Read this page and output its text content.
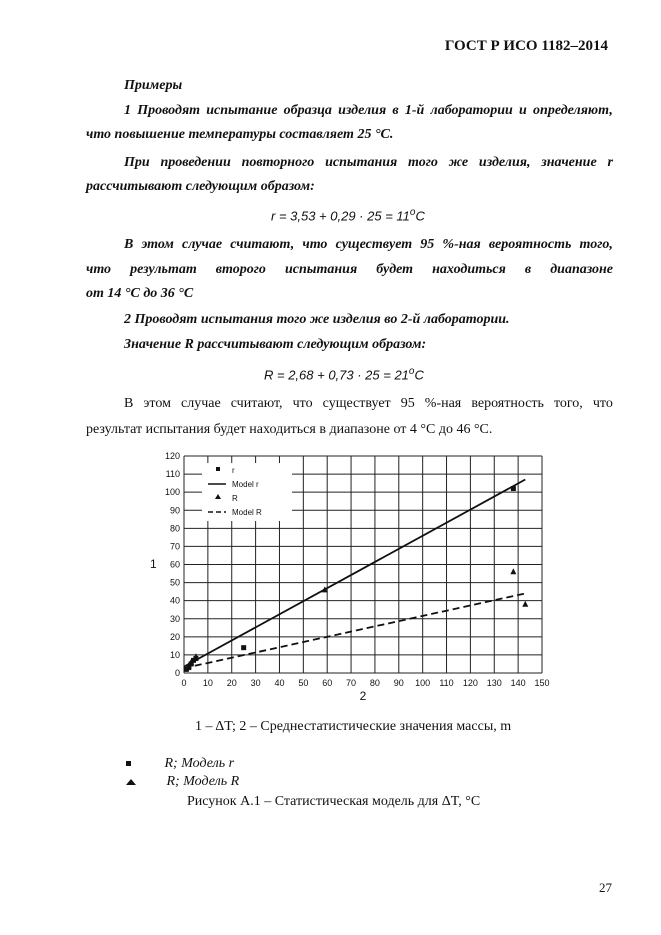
ГОСТ Р ИСО 1182–2014
Примеры
1 Проводят испытание образца изделия в 1-й лаборатории и определяют,
что повышение температуры составляет 25 °С.
При проведении повторного испытания того же изделия, значение r
рассчитывают следующим образом:
$r = 3,53 + 0,29 \cdot 25 = 11^oC$
В этом случае считают, что существует 95 %-ная вероятность того,
что результат второго испытания будет находиться в диапазоне
от 14 °С до 36 °С
2 Проводят испытания того же изделия во 2-й лаборатории.
Значение R рассчитывают следующим образом:
$R = 2,68 + 0,73 \cdot 25 = 21^oC$
В этом случае считают, что существует 95 %-ная вероятность того, что
результат испытания будет находиться в диапазоне от 4 °С до 46 °С.
0 10 20 30 40 50 60 70 80 90 100 110 120 130 140 150
0
10
20
30
40
50
60
70
80
90
100
110
120
2
1
r
Model r
R
Model R
1 – ΔT; 2 – Среднестатистические значения массы, m
R; Модель r
R; Модель R
Рисунок А.1 – Статистическая модель для ΔT, °С
27
